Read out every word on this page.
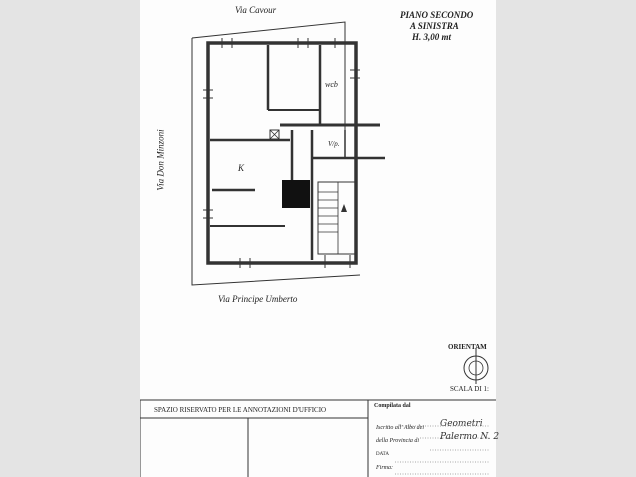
PIANO SECONDO
A SINISTRA
H. 3,00 mt
Via Cavour
Via Don Minzoni
Via Principe Umberto
wcb
K
V/p.
ORIENTAM
SCALA DI 1:
SPAZIO RISERVATO PER LE ANNOTAZIONI D'UFFICIO	Compilata dal
Iscritto all' Albo dei Geometri
della Provincia di Palermo N. 2
DATA
Firma:
